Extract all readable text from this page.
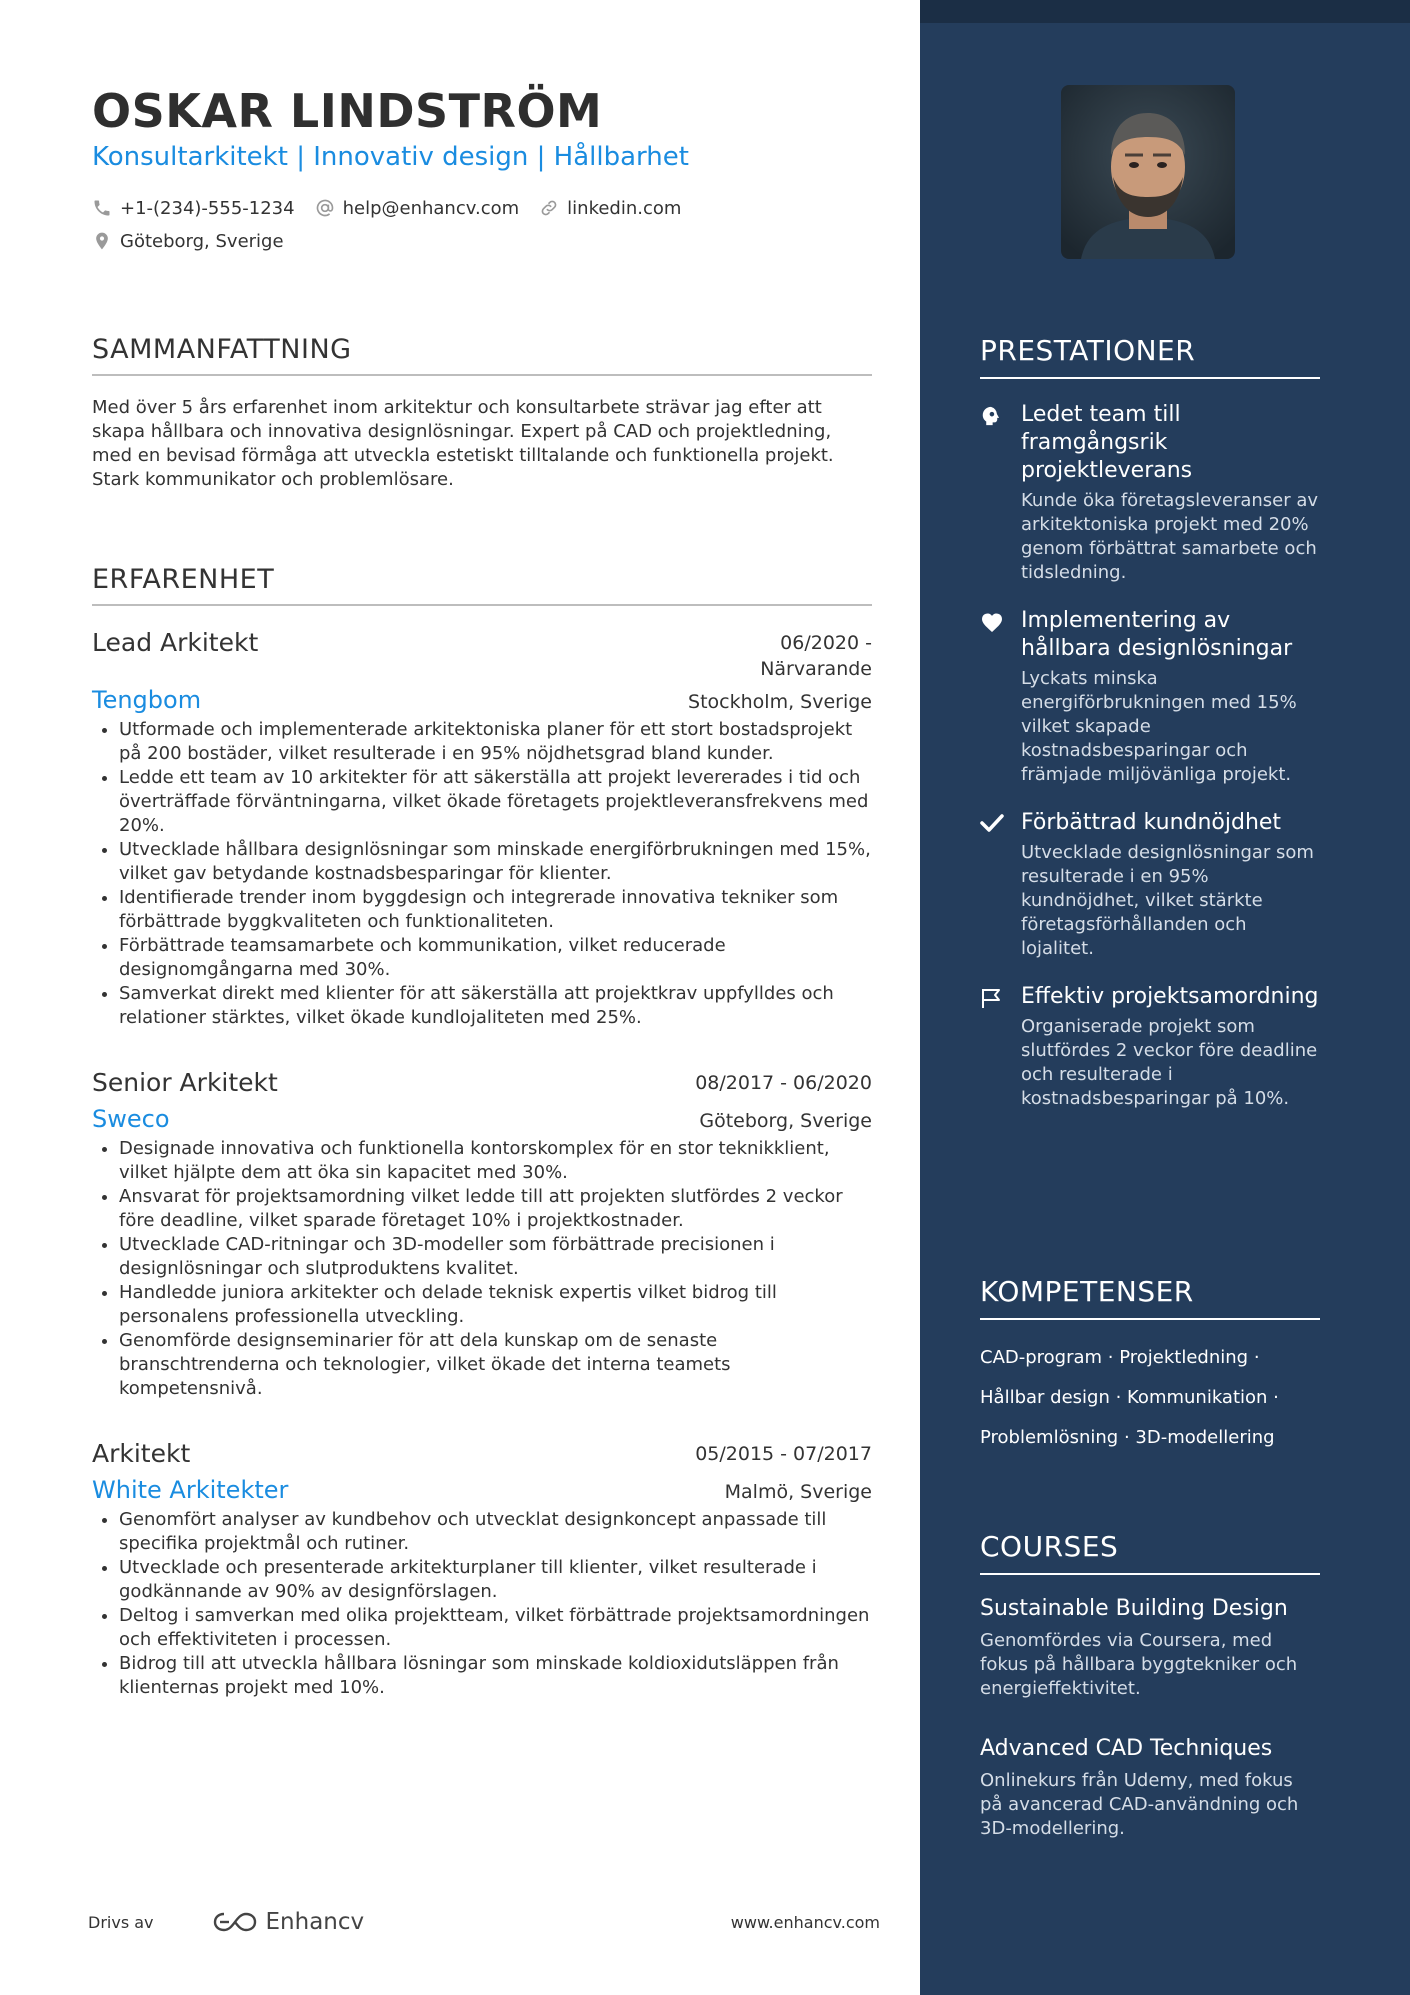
OSKAR LINDSTRÖM
Konsultarkitekt | Innovativ design | Hållbarhet
+1-(234)-555-1234	help@enhancv.com	linkedin.com
Göteborg, Sverige
SAMMANFATTNING

Med över 5 års erfarenhet inom arkitektur och konsultarbete strävar jag efter att skapa hållbara och innovativa designlösningar. Expert på CAD och projektledning, med en bevisad förmåga att utveckla estetiskt tilltalande och funktionella projekt. Stark kommunikator och problemlösare.

ERFARENHET
Lead Arkitekt	06/2020 -
Närvarande
Tengbom	Stockholm, Sverige
• Utformade och implementerade arkitektoniska planer för ett stort bostadsprojekt på 200 bostäder, vilket resulterade i en 95% nöjdhetsgrad bland kunder.
• Ledde ett team av 10 arkitekter för att säkerställa att projekt levererades i tid och överträffade förväntningarna, vilket ökade företagets projektleveransfrekvens med 20%.
• Utvecklade hållbara designlösningar som minskade energiförbrukningen med 15%, vilket gav betydande kostnadsbesparingar för klienter.
• Identifierade trender inom byggdesign och integrerade innovativa tekniker som förbättrade byggkvaliteten och funktionaliteten.
• Förbättrade teamsamarbete och kommunikation, vilket reducerade designomgångarna med 30%.
• Samverkat direkt med klienter för att säkerställa att projektkrav uppfylldes och relationer stärktes, vilket ökade kundlojaliteten med 25%.
Senior Arkitekt	08/2017 - 06/2020
Sweco	Göteborg, Sverige
• Designade innovativa och funktionella kontorskomplex för en stor teknikklient, vilket hjälpte dem att öka sin kapacitet med 30%.
• Ansvarat för projektsamordning vilket ledde till att projekten slutfördes 2 veckor före deadline, vilket sparade företaget 10% i projektkostnader.
• Utvecklade CAD-ritningar och 3D-modeller som förbättrade precisionen i designlösningar och slutproduktens kvalitet.
• Handledde juniora arkitekter och delade teknisk expertis vilket bidrog till personalens professionella utveckling.
• Genomförde designseminarier för att dela kunskap om de senaste branschtrenderna och teknologier, vilket ökade det interna teamets kompetensnivå.
Arkitekt	05/2015 - 07/2017
White Arkitekter	Malmö, Sverige
• Genomfört analyser av kundbehov och utvecklat designkoncept anpassade till specifika projektmål och rutiner.
• Utvecklade och presenterade arkitekturplaner till klienter, vilket resulterade i godkännande av 90% av designförslagen.
• Deltog i samverkan med olika projektteam, vilket förbättrade projektsamordningen och effektiviteten i processen.
• Bidrog till att utveckla hållbara lösningar som minskade koldioxidutsläppen från klienternas projekt med 10%.
Drivs av	Enhancv	www.enhancv.com
PRESTATIONER
Ledet team till framgångsrik projektleverans
Kunde öka företagsleveranser av arkitektoniska projekt med 20% genom förbättrat samarbete och tidsledning.
Implementering av hållbara designlösningar
Lyckats minska energiförbrukningen med 15% vilket skapade kostnadsbesparingar och främjade miljövänliga projekt.
Förbättrad kundnöjdhet
Utvecklade designlösningar som resulterade i en 95% kundnöjdhet, vilket stärkte företagsförhållanden och lojalitet.
Effektiv projektsamordning
Organiserade projekt som slutfördes 2 veckor före deadline och resulterade i kostnadsbesparingar på 10%.
KOMPETENSER
CAD-program · Projektledning ·
Hållbar design · Kommunikation ·
Problemlösning · 3D-modellering
COURSES
Sustainable Building Design
Genomfördes via Coursera, med fokus på hållbara byggtekniker och energieffektivitet.
Advanced CAD Techniques
Onlinekurs från Udemy, med fokus på avancerad CAD-användning och 3D-modellering.
